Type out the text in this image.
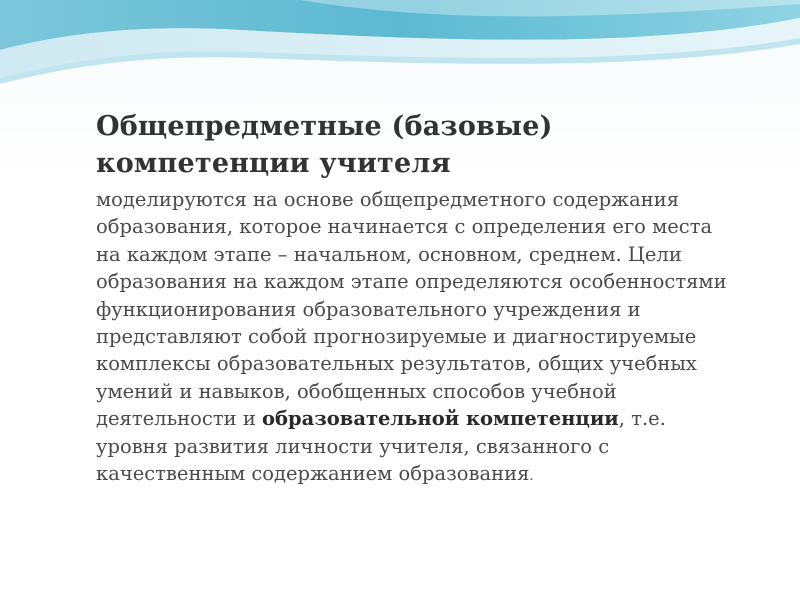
Общепредметные (базовые)
компетенции учителя

моделируются на основе общепредметного содержания образования, которое начинается с определения его места на каждом этапе – начальном, основном, среднем. Цели образования на каждом этапе определяются особенностями функционирования образовательного учреждения и представляют собой прогнозируемые и диагностируемые комплексы образовательных результатов, общих учебных умений и навыков, обобщенных способов учебной деятельности и образовательной компетенции, т.е. уровня развития личности учителя, связанного с качественным содержанием образования.
